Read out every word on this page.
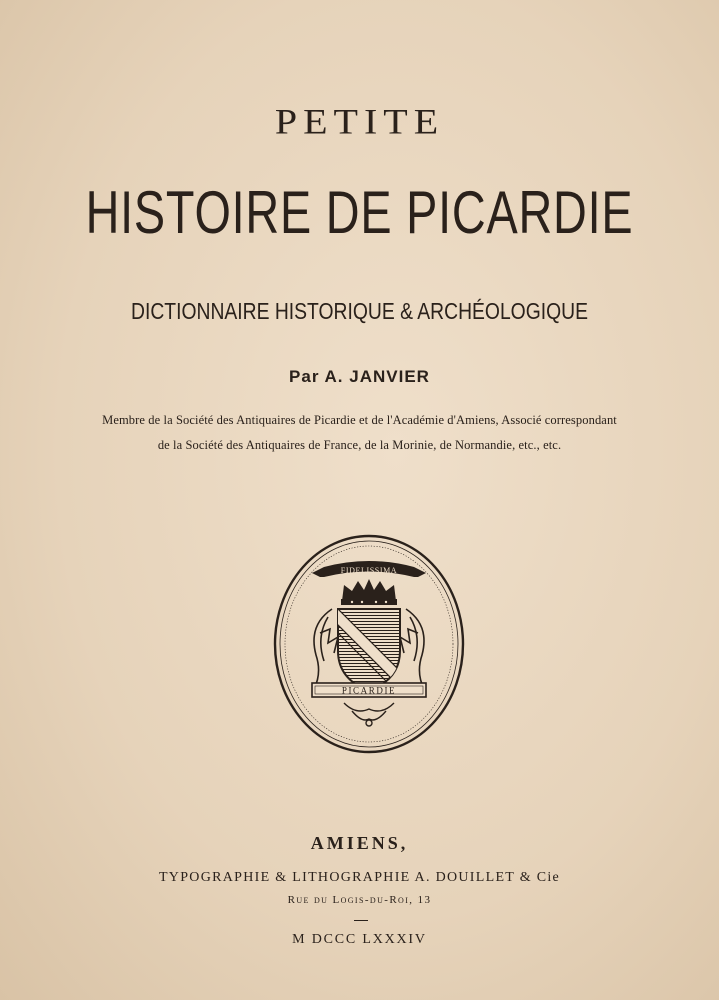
PETITE
HISTOIRE DE PICARDIE
DICTIONNAIRE HISTORIQUE & ARCHÉOLOGIQUE
Par A. JANVIER
Membre de la Société des Antiquaires de Picardie et de l'Académie d'Amiens, Associé correspondant
de la Société des Antiquaires de France, de la Morinie, de Normandie, etc., etc.
FIDELISSIMA
PICARDIE
AMIENS,
TYPOGRAPHIE & LITHOGRAPHIE A. DOUILLET & Cie
Rue du Logis-du-Roi, 13
M DCCC LXXXIV
